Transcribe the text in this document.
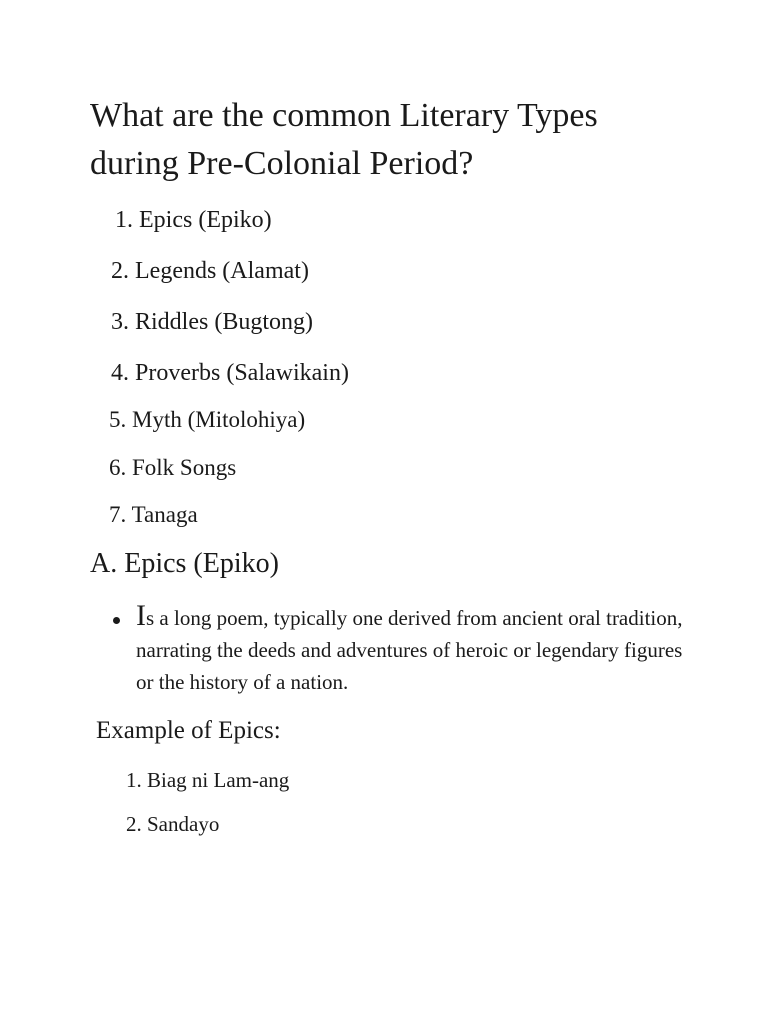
What are the common Literary Types during Pre-Colonial Period?
1. Epics (Epiko)
2. Legends (Alamat)
3. Riddles (Bugtong)
4. Proverbs (Salawikain)
5. Myth (Mitolohiya)
6. Folk Songs
7. Tanaga
A. Epics (Epiko)
Is a long poem, typically one derived from ancient oral tradition, narrating the deeds and adventures of heroic or legendary figures or the history of a nation.
Example of Epics:
1. Biag ni Lam-ang
2. Sandayo
